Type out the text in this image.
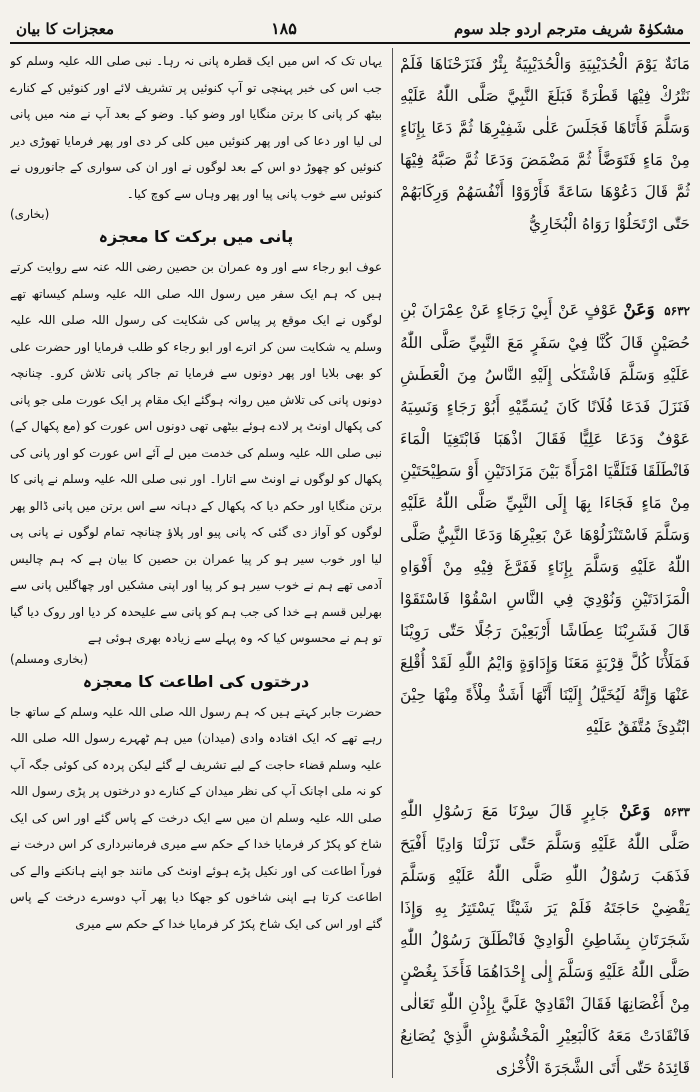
مشکوٰۃ شریف مترجم اردو جلد سوم
۱۸۵
معجزات کا بیان

مَانَةٌ يَوْمَ الْحُدَيْبِيَةِ وَالْحُدَيْبِيَةُ بِئْرٌ فَنَزَحْنَاهَا فَلَمْ نَتْرُكْ فِيْهَا قَطْرَةً فَبَلَغَ النَّبِيَّ صَلَّى اللّٰهُ عَلَيْهِ وَسَلَّمَ فَأَتَاهَا فَجَلَسَ عَلٰى شَفِيْرِهَا ثُمَّ دَعَا بِإِنَاءٍ مِنْ مَاءٍ فَتَوَضَّأَ ثُمَّ مَضْمَضَ وَدَعَا ثُمَّ صَبَّهُ فِيْهَا ثُمَّ قَالَ دَعُوْهَا سَاعَةً فَأَرْوَوْا أَنْفُسَهُمْ وَرِكَابَهُمْ حَتّٰى ارْتَحَلُوْا رَوَاهُ الْبُخَارِيُّ

۵۶۳۲ وَعَنْ عَوْفٍ عَنْ أَبِيْ رَجَاءٍ عَنْ عِمْرَانَ بْنِ حُصَيْنٍ قَالَ كُنَّا فِيْ سَفَرٍ مَعَ النَّبِيِّ صَلَّى اللّٰهُ عَلَيْهِ وَسَلَّمَ فَاشْتَكٰى إِلَيْهِ النَّاسُ مِنَ الْعَطَشِ فَنَزَلَ فَدَعَا فُلَانًا كَانَ يُسَمِّيْهِ أَبُوْ رَجَاءٍ وَنَسِيَهُ عَوْفٌ وَدَعَا عَلِيًّا فَقَالَ اذْهَبَا فَابْتَغِيَا الْمَاءَ فَانْطَلَقَا فَتَلَقَّيَا امْرَأَةً بَيْنَ مَزَادَتَيْنِ أَوْ سَطِيْحَتَيْنِ مِنْ مَاءٍ فَجَاءَا بِهَا إِلَى النَّبِيِّ صَلَّى اللّٰهُ عَلَيْهِ وَسَلَّمَ فَاسْتَنْزَلُوْهَا عَنْ بَعِيْرِهَا وَدَعَا النَّبِيُّ صَلَّى اللّٰهُ عَلَيْهِ وَسَلَّمَ بِإِنَاءٍ فَفَرَّغَ فِيْهِ مِنْ أَفْوَاهِ الْمَزَادَتَيْنِ وَنُوْدِيَ فِي النَّاسِ اسْقُوْا فَاسْتَقَوْا قَالَ فَشَرِبْنَا عِطَاشًا أَرْبَعِيْنَ رَجُلًا حَتّٰى رَوِيْنَا فَمَلَأْنَا كُلَّ قِرْبَةٍ مَعَنَا وَإِدَاوَةٍ وَايْمُ اللّٰهِ لَقَدْ أُقْلِعَ عَنْهَا وَإِنَّهُ لَيُخَيَّلُ إِلَيْنَا أَنَّهَا أَشَدُّ مِلْأَةً مِنْهَا حِيْنَ ابْتُدِئَ مُتَّفَقٌ عَلَيْهِ

۵۶۳۳ وَعَنْ جَابِرٍ قَالَ سِرْنَا مَعَ رَسُوْلِ اللّٰهِ صَلَّى اللّٰهُ عَلَيْهِ وَسَلَّمَ حَتّٰى نَزَلْنَا وَادِيًا أَفْيَحَ فَذَهَبَ رَسُوْلُ اللّٰهِ صَلَّى اللّٰهُ عَلَيْهِ وَسَلَّمَ يَقْضِيْ حَاجَتَهُ فَلَمْ يَرَ شَيْئًا يَسْتَتِرُ بِهِ وَإِذَا شَجَرَتَانِ بِشَاطِئِ الْوَادِيْ فَانْطَلَقَ رَسُوْلُ اللّٰهِ صَلَّى اللّٰهُ عَلَيْهِ وَسَلَّمَ إِلٰى إِحْدَاهُمَا فَأَخَذَ بِغُصْنٍ مِنْ أَغْصَانِهَا فَقَالَ انْقَادِيْ عَلَيَّ بِإِذْنِ اللّٰهِ تَعَالٰى فَانْقَادَتْ مَعَهُ كَالْبَعِيْرِ الْمَخْشُوْشِ الَّذِيْ يُصَانِعُ قَائِدَهُ حَتّٰى أَتَى الشَّجَرَةَ الْأُخْرٰى

یہاں تک کہ اس میں ایک قطرہ پانی نہ رہا۔ نبی صلی اللہ علیہ وسلم کو جب اس کی خبر پہنچی تو آپ کنوئیں پر تشریف لائے اور کنوئیں کے کنارے بیٹھ کر پانی کا برتن منگایا اور وضو کیا۔ وضو کے بعد آپ نے منہ میں پانی لی لیا اور دعا کی اور پھر کنوئیں میں کلی کر دی اور پھر فرمایا تھوڑی دیر کنوئیں کو چھوڑ دو اس کے بعد لوگوں نے اور ان کی سواری کے جانوروں نے کنوئیں سے خوب پانی پیا اور پھر وہاں سے کوچ کیا۔

(بخاری)

پانی میں برکت کا معجزہ

عوف ابو رجاء سے اور وہ عمران بن حصین رضی اللہ عنہ سے روایت کرتے ہیں کہ ہم ایک سفر میں رسول اللہ صلی اللہ علیہ وسلم کیساتھ تھے لوگوں نے ایک موقع پر پیاس کی شکایت کی رسول اللہ صلی اللہ علیہ وسلم یہ شکایت سن کر اترے اور ابو رجاء کو طلب فرمایا اور حضرت علی کو بھی بلایا اور پھر دونوں سے فرمایا تم جاکر پانی تلاش کرو۔ چنانچہ دونوں پانی کی تلاش میں روانہ ہوگئے ایک مقام پر ایک عورت ملی جو پانی کی پکھال اونٹ پر لادے ہوئے بیٹھی تھی دونوں اس عورت کو (مع پکھال کے) نبی صلی اللہ علیہ وسلم کی خدمت میں لے آئے اس عورت کو اور پانی کی پکھال کو لوگوں نے اونٹ سے اتارا۔ اور نبی صلی اللہ علیہ وسلم نے پانی کا برتن منگایا اور حکم دیا کہ پکھال کے دہانہ سے اس برتن میں پانی ڈالو پھر لوگوں کو آواز دی گئی کہ پانی پیو اور پلاؤ چنانچہ تمام لوگوں نے پانی پی لیا اور خوب سیر ہو کر پیا عمران بن حصین کا بیان ہے کہ ہم چالیس آدمی تھے ہم نے خوب سیر ہو کر پیا اور اپنی مشکیں اور چھاگلیں پانی سے بھرلیں قسم ہے خدا کی جب ہم کو پانی سے علیحدہ کر دیا اور روک دیا گیا تو ہم نے محسوس کیا کہ وہ پہلے سے زیادہ بھری ہوئی ہے

(بخاری ومسلم)

درختوں کی اطاعت کا معجزہ

حضرت جابر کہتے ہیں کہ ہم رسول اللہ صلی اللہ علیہ وسلم کے ساتھ جا رہے تھے کہ ایک افتادہ وادی (میدان) میں ہم ٹھہرے رسول اللہ صلی اللہ علیہ وسلم قضاء حاجت کے لیے تشریف لے گئے لیکن پردہ کی کوئی جگہ آپ کو نہ ملی اچانک آپ کی نظر میدان کے کنارے دو درختوں پر پڑی رسول اللہ صلی اللہ علیہ وسلم ان میں سے ایک درخت کے پاس گئے اور اس کی ایک شاخ کو پکڑ کر فرمایا خدا کے حکم سے میری فرمانبرداری کر اس درخت نے فوراً اطاعت کی اور نکیل پڑے ہوئے اونٹ کی مانند جو اپنے ہانکنے والے کی اطاعت کرتا ہے اپنی شاخوں کو جھکا دیا پھر آپ دوسرے درخت کے پاس گئے اور اس کی ایک شاخ پکڑ کر فرمایا خدا کے حکم سے میری
